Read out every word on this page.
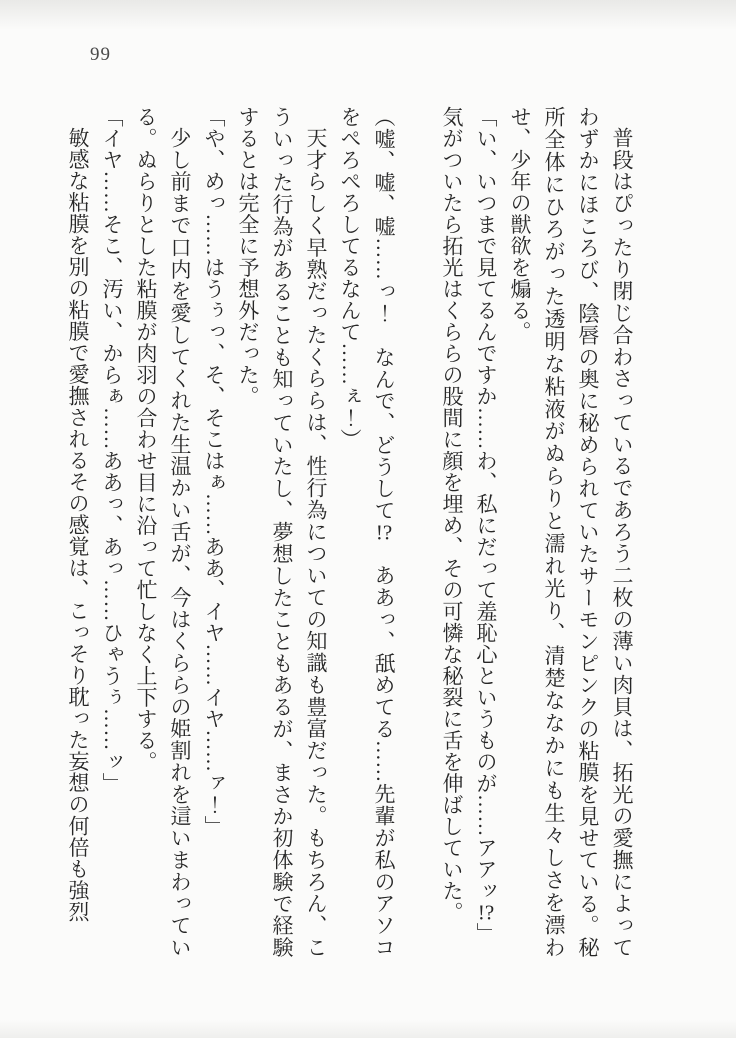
99

普段はぴったり閉じ合わさっているであろう二枚の薄い肉貝は、拓光の愛撫によってわずかにほころび、陰唇の奥に秘められていたサーモンピンクの粘膜を見せている。秘所全体にひろがった透明な粘液がぬらりと濡れ光り、清楚ななかにも生々しさを漂わせ、少年の獣欲を煽る。

「い、いつまで見てるんですか……わ、私にだって羞恥心というものが……アアッ!?」

気がついたら拓光はくららの股間に顔を埋め、その可憐な秘裂に舌を伸ばしていた。

（嘘、嘘、嘘……っ！　なんで、どうして!?　ああっ、舐めてる……先輩が私のアソコをぺろぺろしてるなんて……ぇ！）

天才らしく早熟だったくららは、性行為についての知識も豊富だった。もちろん、こういった行為があることも知っていたし、夢想したこともあるが、まさか初体験で経験するとは完全に予想外だった。

「や、めっ……はうぅっ、そ、そこはぁ……ああ、イヤ……イヤ……ァ！」

少し前まで口内を愛してくれた生温かい舌が、今はくららの姫割れを這いまわっている。ぬらりとした粘膜が肉羽の合わせ目に沿って忙しなく上下する。

「イヤ……そこ、汚い、からぁ……ああっ、あっ……ひゃうぅ……ッ」

敏感な粘膜を別の粘膜で愛撫されるその感覚は、こっそり耽った妄想の何倍も強烈
